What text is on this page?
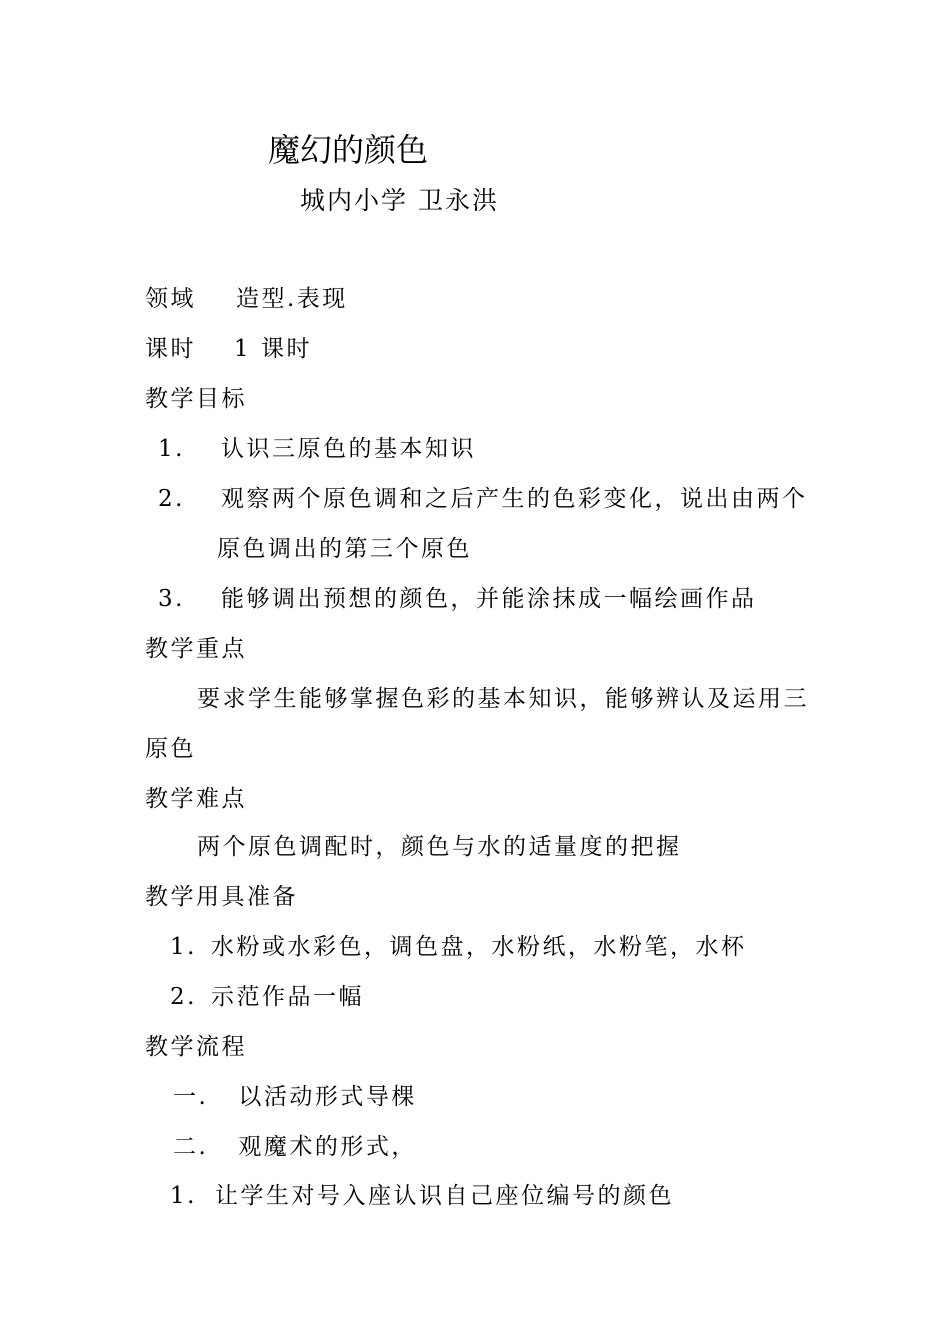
魔幻的颜色
城内小学 卫永洪
领域 造型.表现
课时 1 课时
教学目标
1. 认识三原色的基本知识
2. 观察两个原色调和之后产生的色彩变化，说出由两个
原色调出的第三个原色
3. 能够调出预想的颜色，并能涂抹成一幅绘画作品
教学重点
要求学生能够掌握色彩的基本知识，能够辨认及运用三
原色
教学难点
两个原色调配时，颜色与水的适量度的把握
教学用具准备
1. 水粉或水彩色，调色盘，水粉纸，水粉笔，水杯
2. 示范作品一幅
教学流程
一. 以活动形式导棵
二. 观魔术的形式，
1. 让学生对号入座认识自己座位编号的颜色
